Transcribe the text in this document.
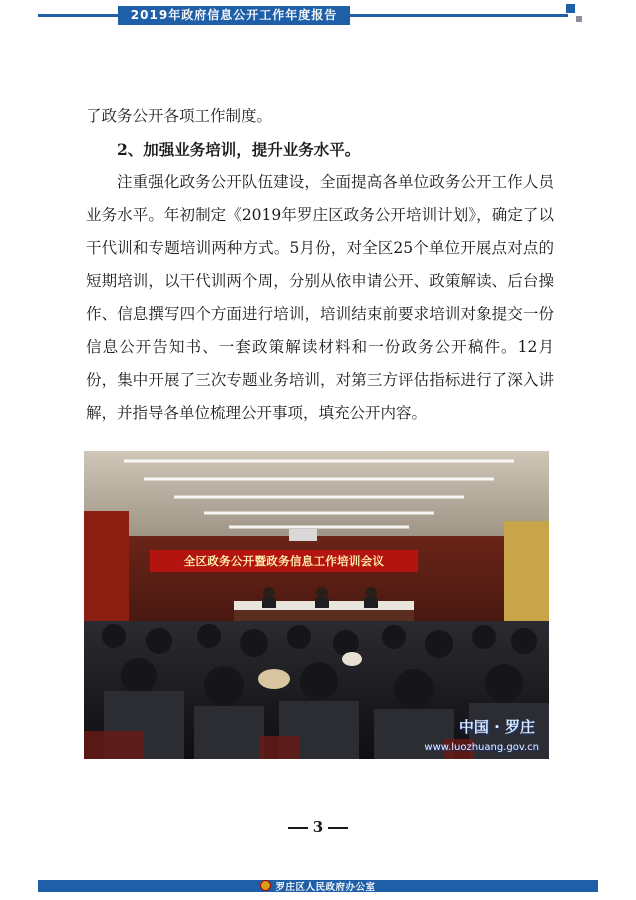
2019年政府信息公开工作年度报告

了政务公开各项工作制度。

2、加强业务培训，提升业务水平。

注重强化政务公开队伍建设，全面提高各单位政务公开工作人员业务水平。年初制定《2019年罗庄区政务公开培训计划》，确定了以干代训和专题培训两种方式。5月份，对全区25个单位开展点对点的短期培训，以干代训两个周，分别从依申请公开、政策解读、后台操作、信息撰写四个方面进行培训，培训结束前要求培训对象提交一份信息公开告知书、一套政策解读材料和一份政务公开稿件。12月份，集中开展了三次专题业务培训，对第三方评估指标进行了深入讲解，并指导各单位梳理公开事项，填充公开内容。

全区政务公开暨政务信息工作培训会议
中国 · 罗庄
www.luozhuang.gov.cn
3
罗庄区人民政府办公室
